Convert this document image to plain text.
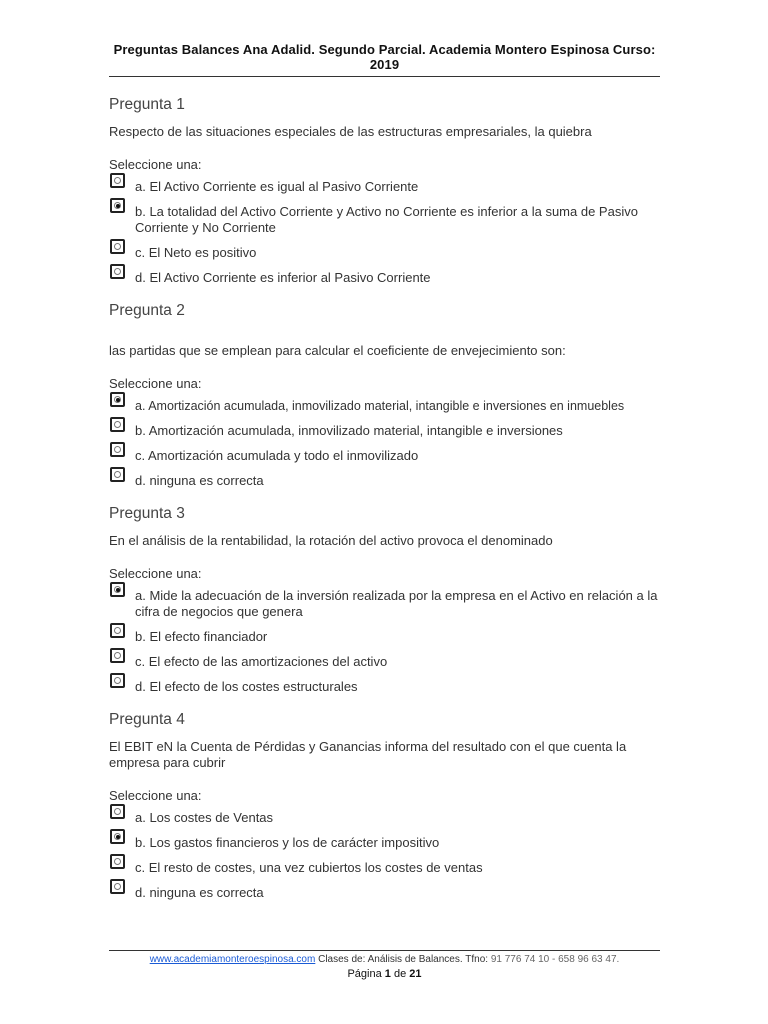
Preguntas Balances Ana Adalid. Segundo Parcial. Academia Montero Espinosa Curso: 2019
Pregunta 1
Respecto de las situaciones especiales de las estructuras empresariales, la quiebra
Seleccione una:
a. El Activo Corriente es igual al Pasivo Corriente
b. La totalidad del Activo Corriente y Activo no Corriente es inferior a la suma de Pasivo Corriente y No Corriente
c. El Neto es positivo
d. El Activo Corriente es inferior al Pasivo Corriente
Pregunta 2
las partidas que se emplean para calcular el coeficiente de envejecimiento son:
Seleccione una:
a. Amortización acumulada, inmovilizado material, intangible e inversiones en inmuebles
b. Amortización acumulada, inmovilizado material, intangible e inversiones
c. Amortización acumulada y todo el inmovilizado
d. ninguna es correcta
Pregunta 3
En el análisis de la rentabilidad, la rotación del activo provoca el denominado
Seleccione una:
a. Mide la adecuación de la inversión realizada por la empresa en el Activo en relación a la cifra de negocios que genera
b. El efecto financiador
c. El efecto de las amortizaciones del activo
d. El efecto de los costes estructurales
Pregunta 4
El EBIT eN la Cuenta de Pérdidas y Ganancias informa del resultado con el que cuenta la empresa para cubrir
Seleccione una:
a. Los costes de Ventas
b. Los gastos financieros y los de carácter impositivo
c. El resto de costes, una vez cubiertos los costes de ventas
d. ninguna es correcta
www.academiamonteroespinosa.com Clases de: Análisis de Balances. Tfno: 91 776 74 10 - 658 96 63 47.
Página 1 de 21
